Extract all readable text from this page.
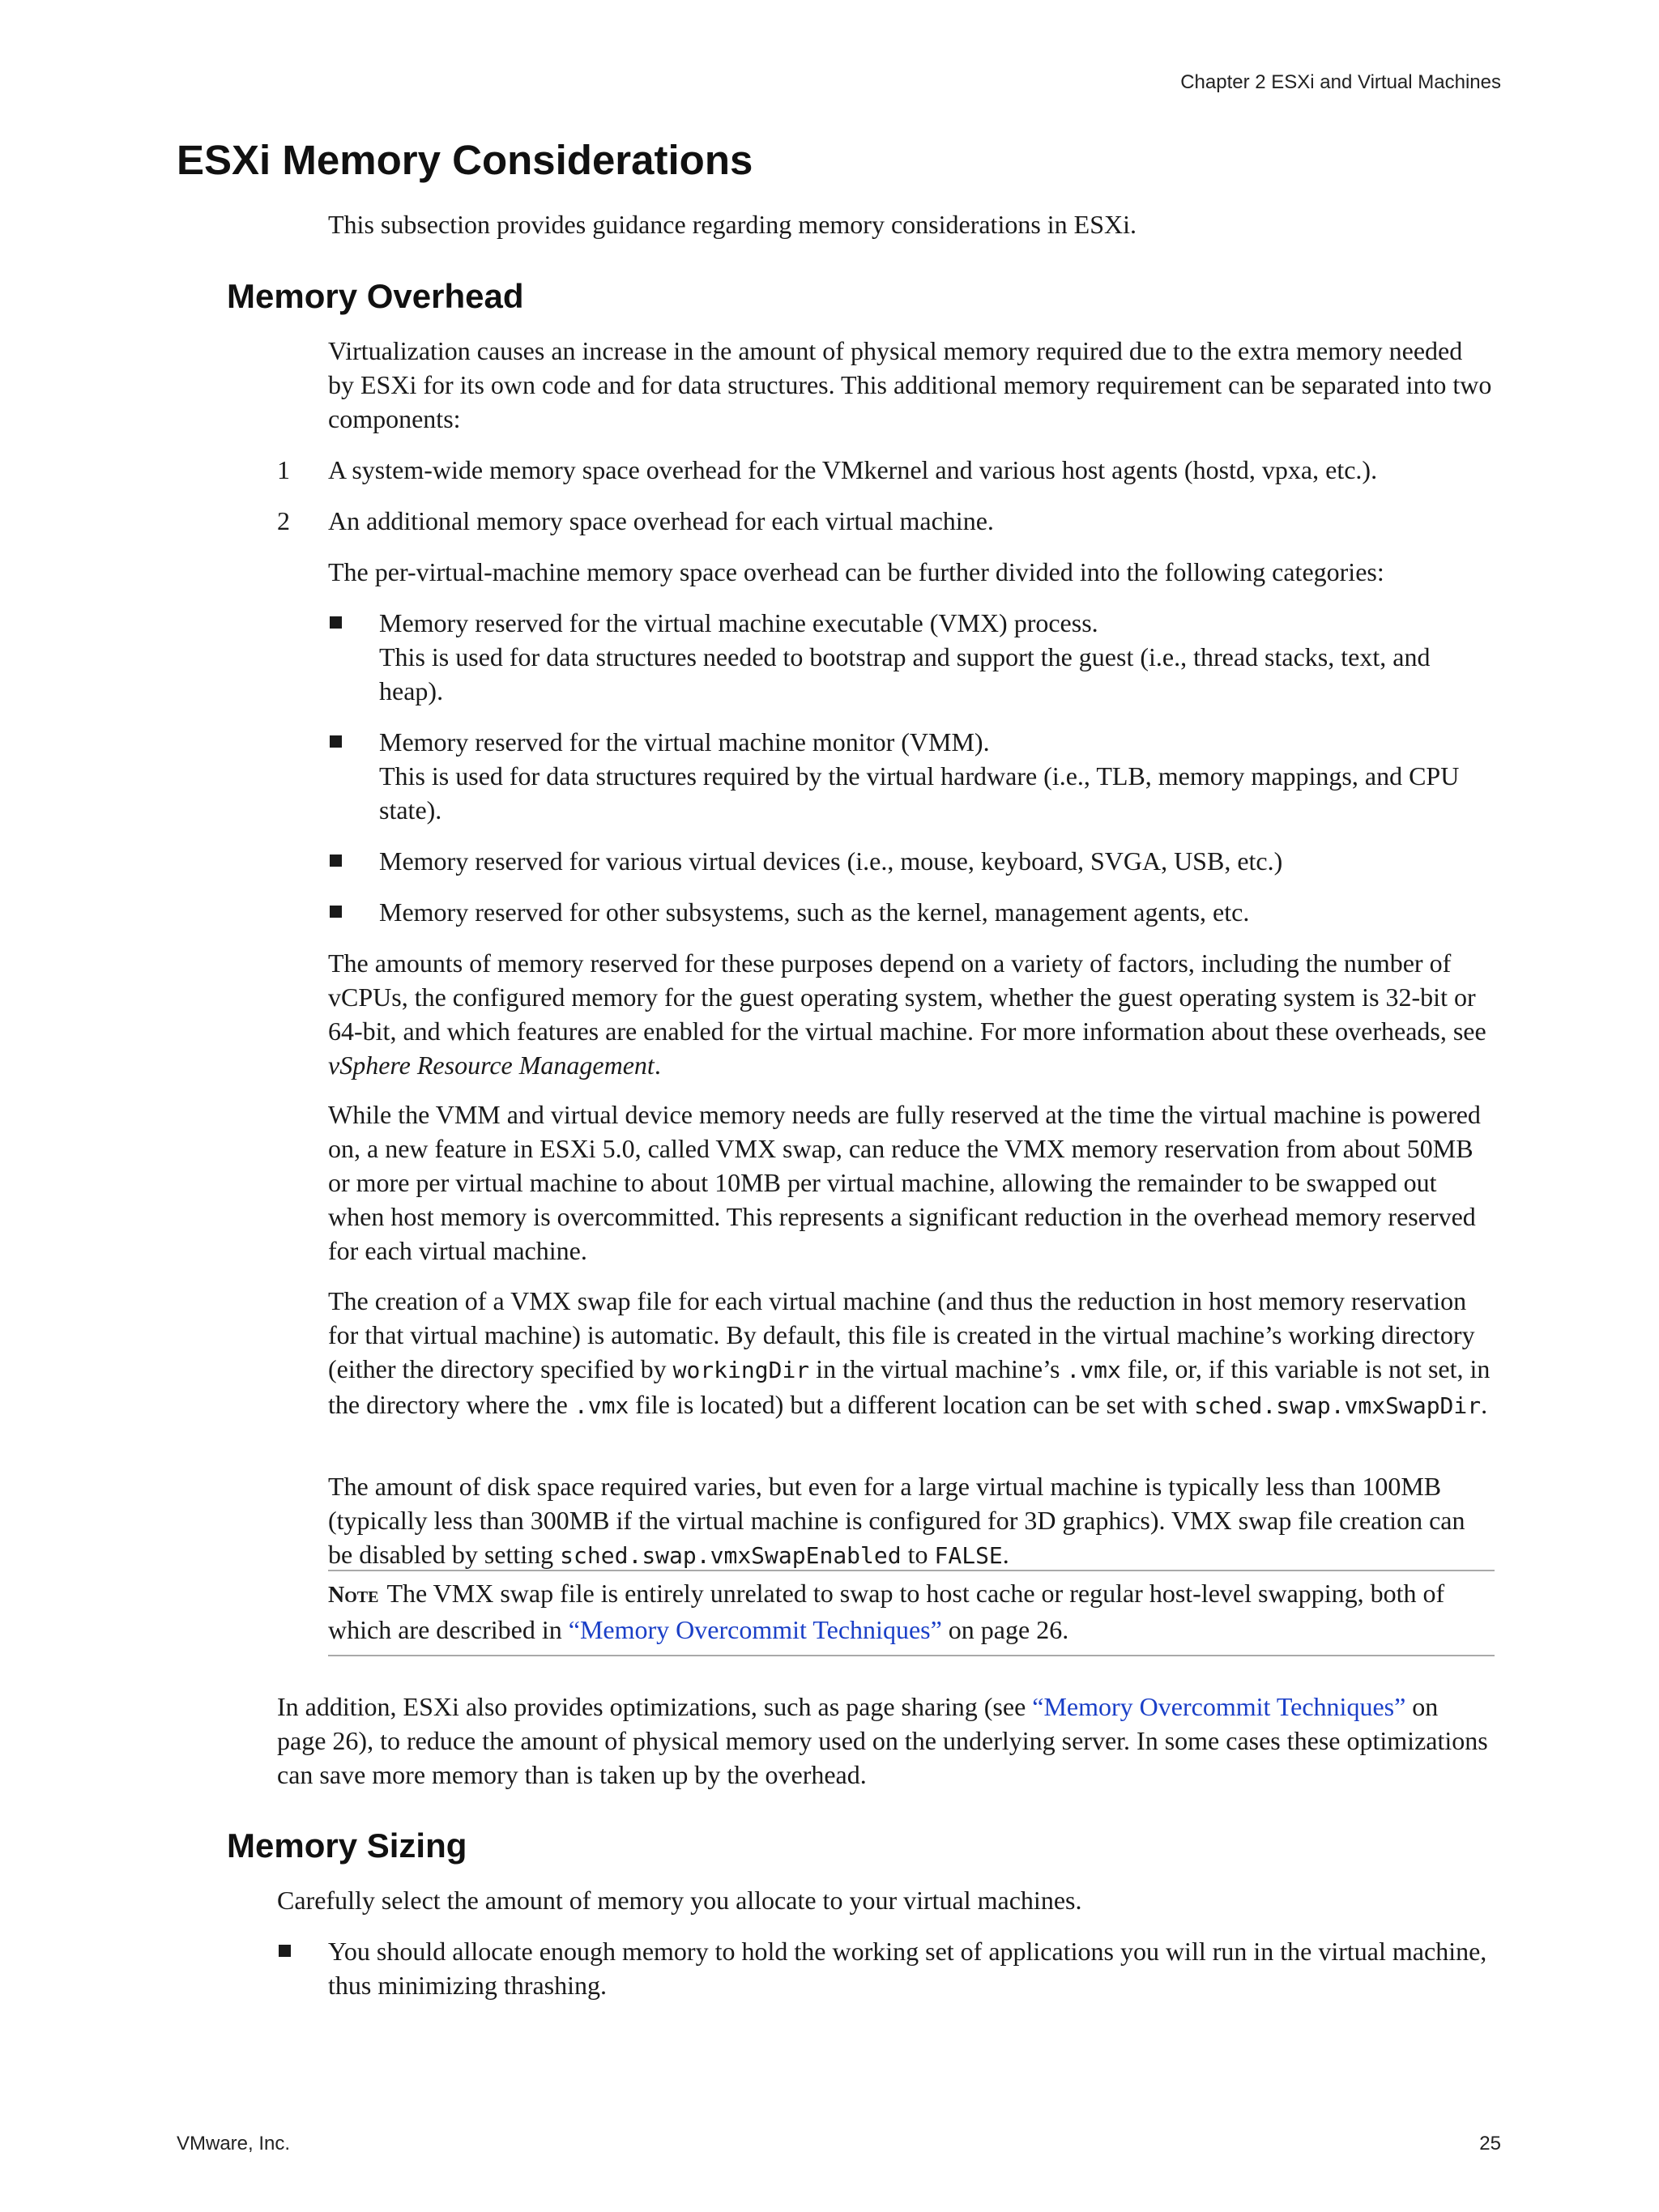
Chapter 2 ESXi and Virtual Machines
ESXi Memory Considerations

This subsection provides guidance regarding memory considerations in ESXi.

Memory Overhead

Virtualization causes an increase in the amount of physical memory required due to the extra memory needed by ESXi for its own code and for data structures. This additional memory requirement can be separated into two components:

1 A system-wide memory space overhead for the VMkernel and various host agents (hostd, vpxa, etc.).

2 An additional memory space overhead for each virtual machine.

The per-virtual-machine memory space overhead can be further divided into the following categories:

Memory reserved for the virtual machine executable (VMX) process.
This is used for data structures needed to bootstrap and support the guest (i.e., thread stacks, text, and heap).
Memory reserved for the virtual machine monitor (VMM).
This is used for data structures required by the virtual hardware (i.e., TLB, memory mappings, and CPU state).

Memory reserved for various virtual devices (i.e., mouse, keyboard, SVGA, USB, etc.)

Memory reserved for other subsystems, such as the kernel, management agents, etc.

The amounts of memory reserved for these purposes depend on a variety of factors, including the number of vCPUs, the configured memory for the guest operating system, whether the guest operating system is 32-bit or 64-bit, and which features are enabled for the virtual machine. For more information about these overheads, see vSphere Resource Management.

While the VMM and virtual device memory needs are fully reserved at the time the virtual machine is powered on, a new feature in ESXi 5.0, called VMX swap, can reduce the VMX memory reservation from about 50MB or more per virtual machine to about 10MB per virtual machine, allowing the remainder to be swapped out when host memory is overcommitted. This represents a significant reduction in the overhead memory reserved for each virtual machine.

The creation of a VMX swap file for each virtual machine (and thus the reduction in host memory reservation for that virtual machine) is automatic. By default, this file is created in the virtual machine’s working directory (either the directory specified by workingDir in the virtual machine’s .vmx file, or, if this variable is not set, in the directory where the .vmx file is located) but a different location can be set with sched.swap.vmxSwapDir.

The amount of disk space required varies, but even for a large virtual machine is typically less than 100MB (typically less than 300MB if the virtual machine is configured for 3D graphics). VMX swap file creation can be disabled by setting sched.swap.vmxSwapEnabled to FALSE.

Note The VMX swap file is entirely unrelated to swap to host cache or regular host-level swapping, both of which are described in “Memory Overcommit Techniques” on page 26.

In addition, ESXi also provides optimizations, such as page sharing (see “Memory Overcommit Techniques” on page 26), to reduce the amount of physical memory used on the underlying server. In some cases these optimizations can save more memory than is taken up by the overhead.

Memory Sizing

Carefully select the amount of memory you allocate to your virtual machines.

You should allocate enough memory to hold the working set of applications you will run in the virtual machine, thus minimizing thrashing.

VMware, Inc.	25
